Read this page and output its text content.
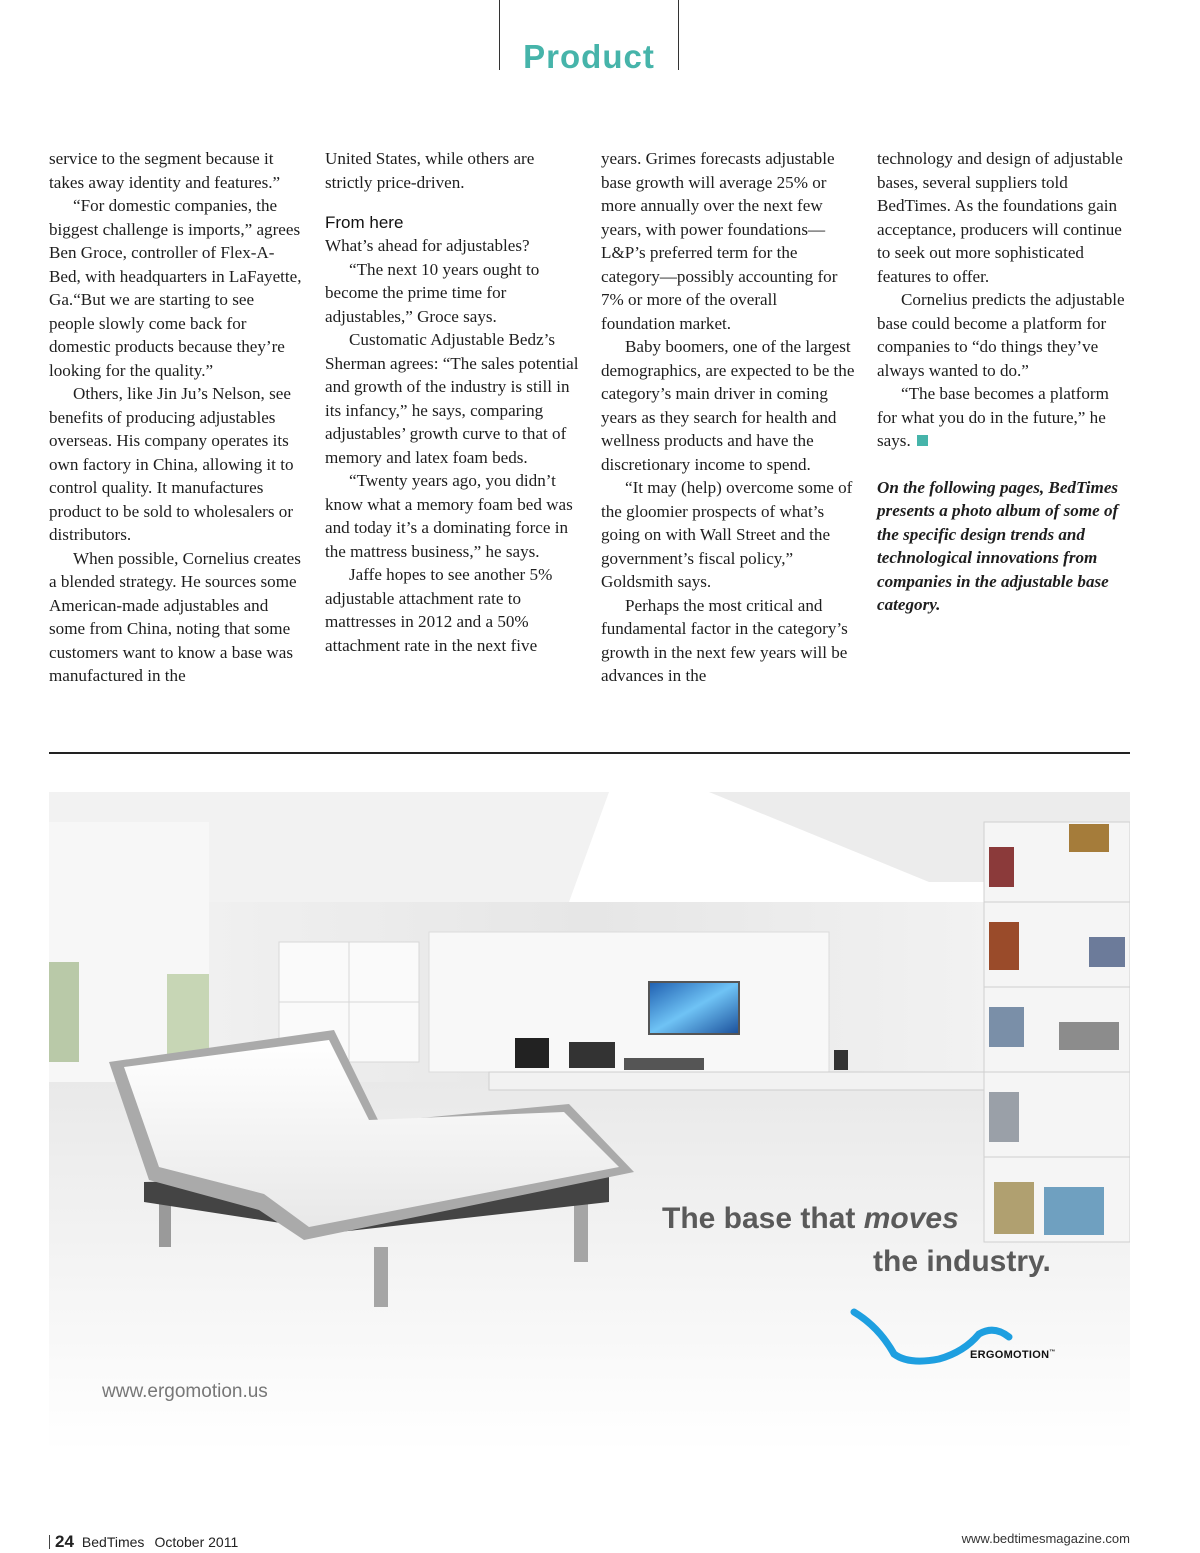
Product

service to the segment because it takes away identity and features.”

“For domestic companies, the biggest challenge is imports,” agrees Ben Groce, controller of Flex-A-Bed, with headquarters in LaFayette, Ga.“But we are starting to see people slowly come back for domestic products because they’re looking for the quality.”

Others, like Jin Ju’s Nelson, see benefits of producing adjustables overseas. His company operates its own factory in China, allowing it to control quality. It manufactures product to be sold to wholesalers or distributors.

When possible, Cornelius creates a blended strategy. He sources some American-made adjustables and some from China, noting that some customers want to know a base was manufactured in the

United States, while others are strictly price-driven.

From here

What’s ahead for adjustables?

“The next 10 years ought to become the prime time for adjustables,” Groce says.

Customatic Adjustable Bedz’s Sherman agrees: “The sales potential and growth of the industry is still in its infancy,” he says, comparing adjustables’ growth curve to that of memory and latex foam beds.

“Twenty years ago, you didn’t know what a memory foam bed was and today it’s a dominating force in the mattress business,” he says.

Jaffe hopes to see another 5% adjustable attachment rate to mattresses in 2012 and a 50% attachment rate in the next five

years. Grimes forecasts adjustable base growth will average 25% or more annually over the next few years, with power foundations—L&P’s preferred term for the category—possibly accounting for 7% or more of the overall foundation market.

Baby boomers, one of the largest demographics, are expected to be the category’s main driver in coming years as they search for health and wellness products and have the discretionary income to spend.

“It may (help) overcome some of the gloomier prospects of what’s going on with Wall Street and the government’s fiscal policy,” Goldsmith says.

Perhaps the most critical and fundamental factor in the category’s growth in the next few years will be advances in the

technology and design of adjustable bases, several suppliers told BedTimes. As the foundations gain acceptance, producers will continue to seek out more sophisticated features to offer.

Cornelius predicts the adjustable base could become a platform for companies to “do things they’ve always wanted to do.”

“The base becomes a platform for what you do in the future,” he says.

On the following pages, BedTimes presents a photo album of some of the specific design trends and technological innovations from companies in the adjustable base category.

The base that moves
the industry.
www.ergomotion.us
ERGOMOTION™
24 BedTimes October 2011	www.bedtimesmagazine.com
